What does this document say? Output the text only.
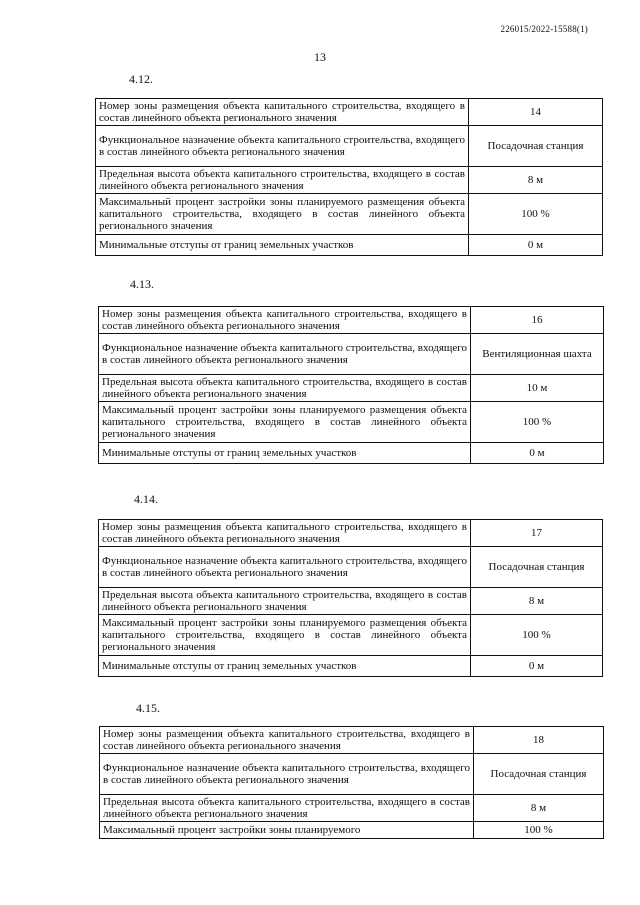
226015/2022-15588(1)
13
4.12.
Номер зоны размещения объекта капитального строительства, входящего в состав линейного объекта регионального значения	14
Функциональное назначение объекта капитального строительства, входящего в состав линейного объекта регионального значения	Посадочная станция
Предельная высота объекта капитального строительства, входящего в состав линейного объекта регионального значения	8 м
Максимальный процент застройки зоны планируемого размещения объекта капитального строительства, входящего в состав линейного объекта регионального значения	100 %
Минимальные отступы от границ земельных участков	0 м
4.13.
Номер зоны размещения объекта капитального строительства, входящего в состав линейного объекта регионального значения	16
Функциональное назначение объекта капитального строительства, входящего в состав линейного объекта регионального значения	Вентиляционная шахта
Предельная высота объекта капитального строительства, входящего в состав линейного объекта регионального значения	10 м
Максимальный процент застройки зоны планируемого размещения объекта капитального строительства, входящего в состав линейного объекта регионального значения	100 %
Минимальные отступы от границ земельных участков	0 м
4.14.
Номер зоны размещения объекта капитального строительства, входящего в состав линейного объекта регионального значения	17
Функциональное назначение объекта капитального строительства, входящего в состав линейного объекта регионального значения	Посадочная станция
Предельная высота объекта капитального строительства, входящего в состав линейного объекта регионального значения	8 м
Максимальный процент застройки зоны планируемого размещения объекта капитального строительства, входящего в состав линейного объекта регионального значения	100 %
Минимальные отступы от границ земельных участков	0 м
4.15.
Номер зоны размещения объекта капитального строительства, входящего в состав линейного объекта регионального значения	18
Функциональное назначение объекта капитального строительства, входящего в состав линейного объекта регионального значения	Посадочная станция
Предельная высота объекта капитального строительства, входящего в состав линейного объекта регионального значения	8 м
Максимальный процент застройки зоны планируемого	100 %
